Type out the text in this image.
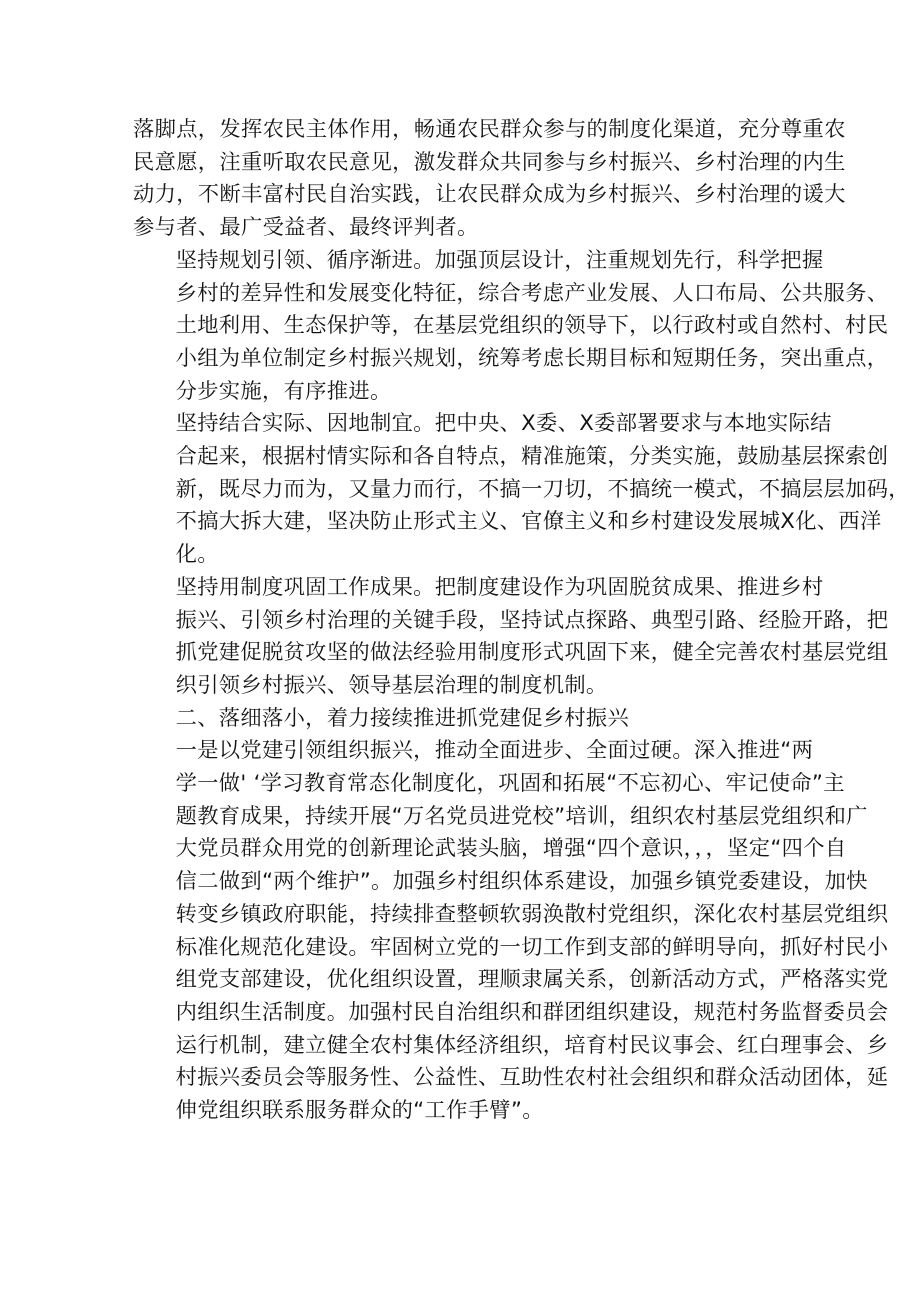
落脚点，发挥农民主体作用，畅通农民群众参与的制度化渠道，充分尊重农
民意愿，注重听取农民意见，激发群众共同参与乡村振兴、乡村治理的内生
动力，不断丰富村民自治实践，让农民群众成为乡村振兴、乡村治理的谖大
参与者、最广受益者、最终评判者。

坚持规划引领、循序渐进。加强顶层设计，注重规划先行，科学把握
乡村的差异性和发展变化特征，综合考虑产业发展、人口布局、公共服务、
土地利用、生态保护等，在基层党组织的领导下，以行政村或自然村、村民
小组为单位制定乡村振兴规划，统筹考虑长期目标和短期任务，突出重点，
分步实施，有序推进。

坚持结合实际、因地制宜。把中央、X委、X委部署要求与本地实际结
合起来，根据村情实际和各自特点，精准施策，分类实施，鼓励基层探索创
新，既尽力而为，又量力而行，不搞一刀切，不搞统一模式，不搞层层加码，
不搞大拆大建，坚决防止形式主义、官僚主义和乡村建设发展城X化、西洋
化。

坚持用制度巩固工作成果。把制度建设作为巩固脱贫成果、推进乡村
振兴、引领乡村治理的关键手段，坚持试点探路、典型引路、经脸开路，把
抓党建促脱贫攻坚的做法经验用制度形式巩固下来，健全完善农村基层党组
织引领乡村振兴、领导基层治理的制度机制。

二、落细落小，着力接续推进抓党建促乡村振兴

一是以党建引领组织振兴，推动全面进步、全面过硬。深入推进“两
学一做' ‘学习教育常态化制度化，巩固和拓展“不忘初心、牢记使命”主
题教育成果，持续开展“万名党员进党校”培训，组织农村基层党组织和广
大党员群众用党的创新理论武装头脑，增强“四个意识，，，坚定“四个自
信二做到“两个维护”。加强乡村组织体系建设，加强乡镇党委建设，加快
转变乡镇政府职能，持续排查整顿软弱涣散村党组织，深化农村基层党组织
标准化规范化建设。牢固树立党的一切工作到支部的鲜明导向，抓好村民小
组党支部建设，优化组织设置，理顺隶属关系，创新活动方式，严格落实党
内组织生活制度。加强村民自治组织和群团组织建设，规范村务监督委员会
运行机制，建立健全农村集体经济组织，培育村民议事会、红白理事会、乡
村振兴委员会等服务性、公益性、互助性农村社会组织和群众活动团体，延
伸党组织联系服务群众的“工作手臂”。
